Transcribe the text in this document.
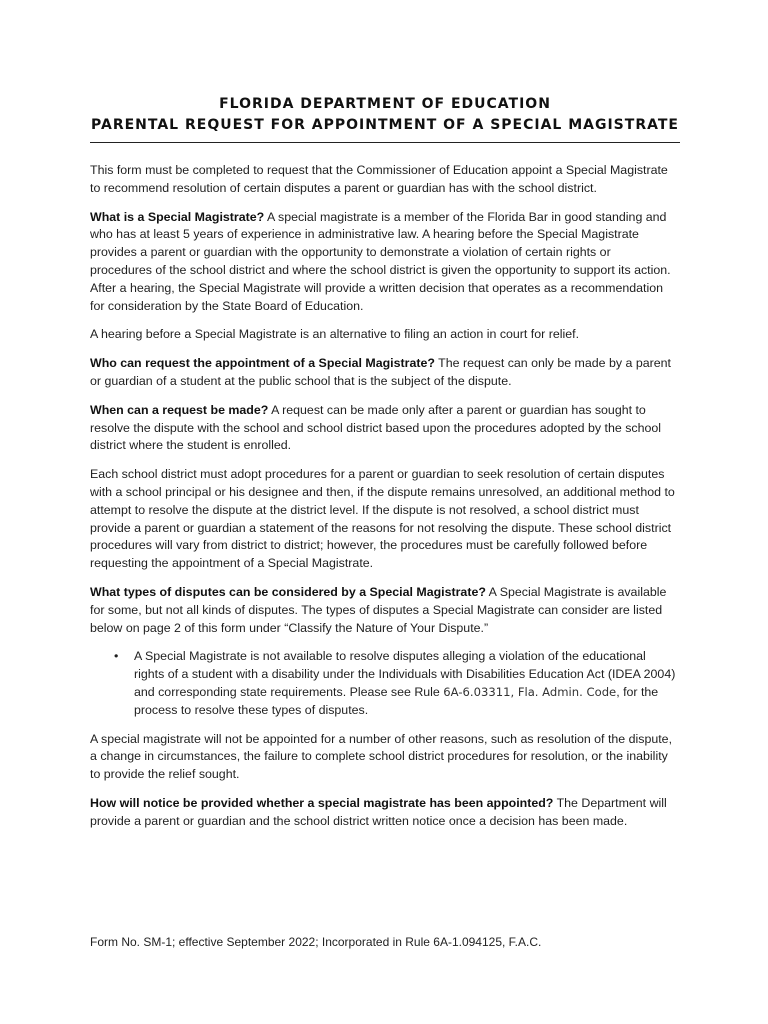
FLORIDA DEPARTMENT OF EDUCATION
PARENTAL REQUEST FOR APPOINTMENT OF A SPECIAL MAGISTRATE

This form must be completed to request that the Commissioner of Education appoint a Special Magistrate to recommend resolution of certain disputes a parent or guardian has with the school district.

What is a Special Magistrate? A special magistrate is a member of the Florida Bar in good standing and who has at least 5 years of experience in administrative law. A hearing before the Special Magistrate provides a parent or guardian with the opportunity to demonstrate a violation of certain rights or procedures of the school district and where the school district is given the opportunity to support its action. After a hearing, the Special Magistrate will provide a written decision that operates as a recommendation for consideration by the State Board of Education.

A hearing before a Special Magistrate is an alternative to filing an action in court for relief.

Who can request the appointment of a Special Magistrate? The request can only be made by a parent or guardian of a student at the public school that is the subject of the dispute.

When can a request be made? A request can be made only after a parent or guardian has sought to resolve the dispute with the school and school district based upon the procedures adopted by the school district where the student is enrolled.

Each school district must adopt procedures for a parent or guardian to seek resolution of certain disputes with a school principal or his designee and then, if the dispute remains unresolved, an additional method to attempt to resolve the dispute at the district level. If the dispute is not resolved, a school district must provide a parent or guardian a statement of the reasons for not resolving the dispute. These school district procedures will vary from district to district; however, the procedures must be carefully followed before requesting the appointment of a Special Magistrate.

What types of disputes can be considered by a Special Magistrate? A Special Magistrate is available for some, but not all kinds of disputes. The types of disputes a Special Magistrate can consider are listed below on page 2 of this form under “Classify the Nature of Your Dispute.”

• A Special Magistrate is not available to resolve disputes alleging a violation of the educational rights of a student with a disability under the Individuals with Disabilities Education Act (IDEA 2004) and corresponding state requirements. Please see Rule 6A-6.03311, Fla. Admin. Code, for the process to resolve these types of disputes.

A special magistrate will not be appointed for a number of other reasons, such as resolution of the dispute, a change in circumstances, the failure to complete school district procedures for resolution, or the inability to provide the relief sought.

How will notice be provided whether a special magistrate has been appointed? The Department will provide a parent or guardian and the school district written notice once a decision has been made.

Form No. SM-1; effective September 2022; Incorporated in Rule 6A-1.094125, F.A.C.
